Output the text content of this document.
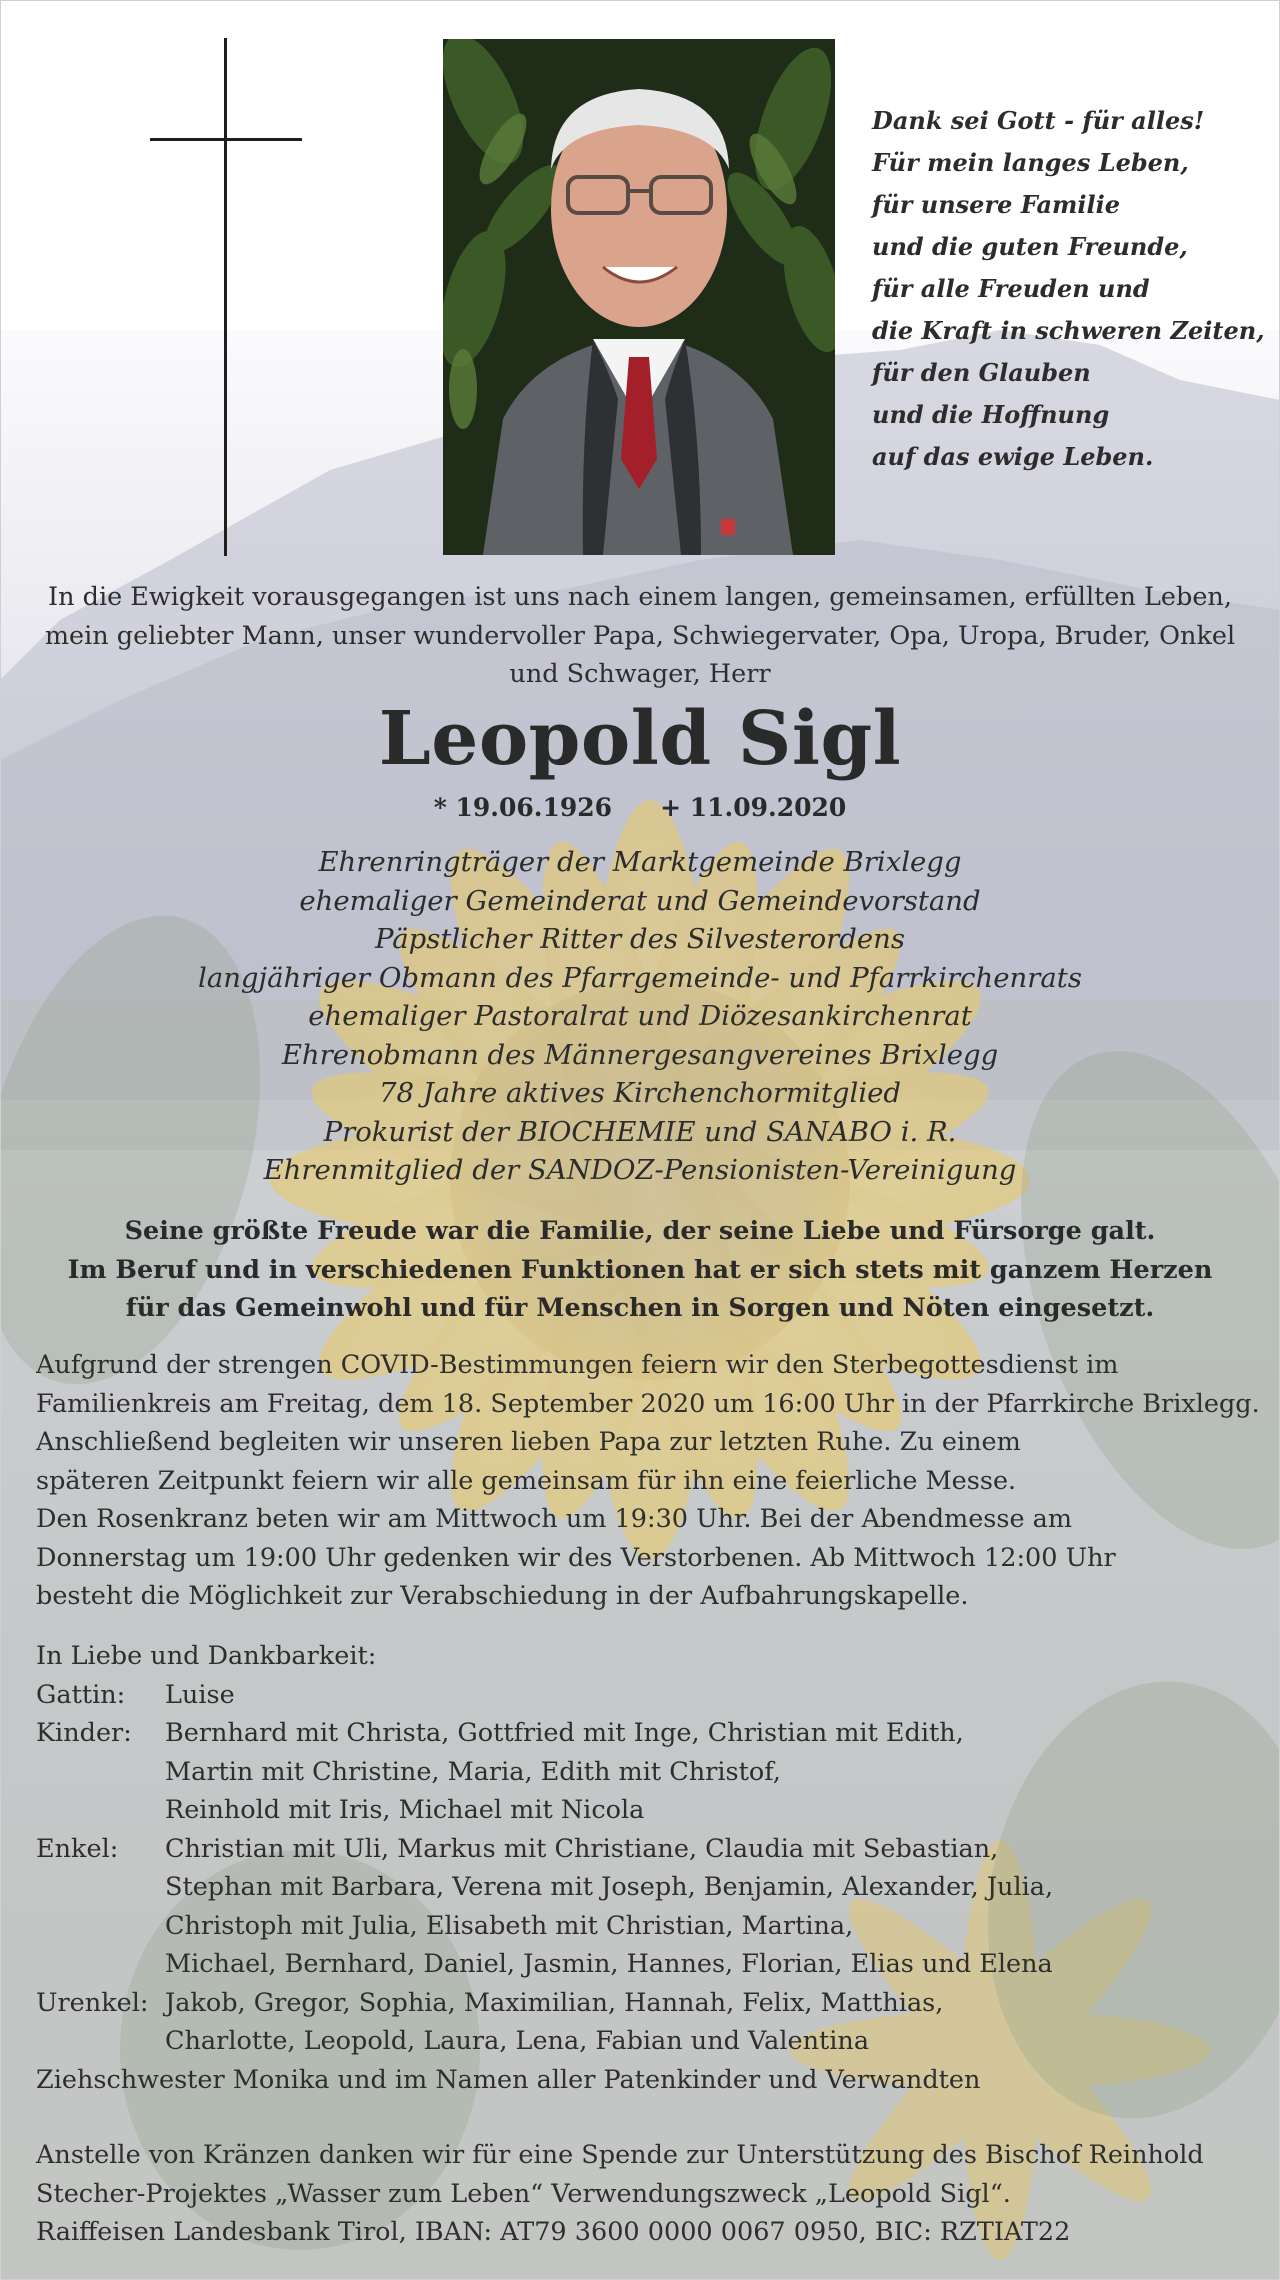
Dank sei Gott - für alles!
Für mein langes Leben,
für unsere Familie
und die guten Freunde,
für alle Freuden und
die Kraft in schweren Zeiten,
für den Glauben
und die Hoffnung
auf das ewige Leben.
In die Ewigkeit vorausgegangen ist uns nach einem langen, gemeinsamen, erfüllten Leben,
mein geliebter Mann, unser wundervoller Papa, Schwiegervater, Opa, Uropa, Bruder, Onkel
und Schwager, Herr
Leopold Sigl
* 19.06.1926 + 11.09.2020
Ehrenringträger der Marktgemeinde Brixlegg
ehemaliger Gemeinderat und Gemeindevorstand
Päpstlicher Ritter des Silvesterordens
langjähriger Obmann des Pfarrgemeinde- und Pfarrkirchenrats
ehemaliger Pastoralrat und Diözesankirchenrat
Ehrenobmann des Männergesangvereines Brixlegg
78 Jahre aktives Kirchenchormitglied
Prokurist der BIOCHEMIE und SANABO i. R.
Ehrenmitglied der SANDOZ-Pensionisten-Vereinigung
Seine größte Freude war die Familie, der seine Liebe und Fürsorge galt.
Im Beruf und in verschiedenen Funktionen hat er sich stets mit ganzem Herzen
für das Gemeinwohl und für Menschen in Sorgen und Nöten eingesetzt.
Aufgrund der strengen COVID-Bestimmungen feiern wir den Sterbegottesdienst im
Familienkreis am Freitag, dem 18. September 2020 um 16:00 Uhr in der Pfarrkirche Brixlegg.
Anschließend begleiten wir unseren lieben Papa zur letzten Ruhe. Zu einem
späteren Zeitpunkt feiern wir alle gemeinsam für ihn eine feierliche Messe.
Den Rosenkranz beten wir am Mittwoch um 19:30 Uhr. Bei der Abendmesse am
Donnerstag um 19:00 Uhr gedenken wir des Verstorbenen. Ab Mittwoch 12:00 Uhr
besteht die Möglichkeit zur Verabschiedung in der Aufbahrungskapelle.
In Liebe und Dankbarkeit:
Gattin:	Luise
Kinder:	Bernhard mit Christa, Gottfried mit Inge, Christian mit Edith,
Martin mit Christine, Maria, Edith mit Christof,
Reinhold mit Iris, Michael mit Nicola
Enkel:	Christian mit Uli, Markus mit Christiane, Claudia mit Sebastian,
Stephan mit Barbara, Verena mit Joseph, Benjamin, Alexander, Julia,
Christoph mit Julia, Elisabeth mit Christian, Martina,
Michael, Bernhard, Daniel, Jasmin, Hannes, Florian, Elias und Elena
Urenkel: Jakob, Gregor, Sophia, Maximilian, Hannah, Felix, Matthias,
Charlotte, Leopold, Laura, Lena, Fabian und Valentina
Ziehschwester Monika und im Namen aller Patenkinder und Verwandten
Anstelle von Kränzen danken wir für eine Spende zur Unterstützung des Bischof Reinhold
Stecher-Projektes „Wasser zum Leben“ Verwendungszweck „Leopold Sigl“.
Raiffeisen Landesbank Tirol, IBAN: AT79 3600 0000 0067 0950, BIC: RZTIAT22
